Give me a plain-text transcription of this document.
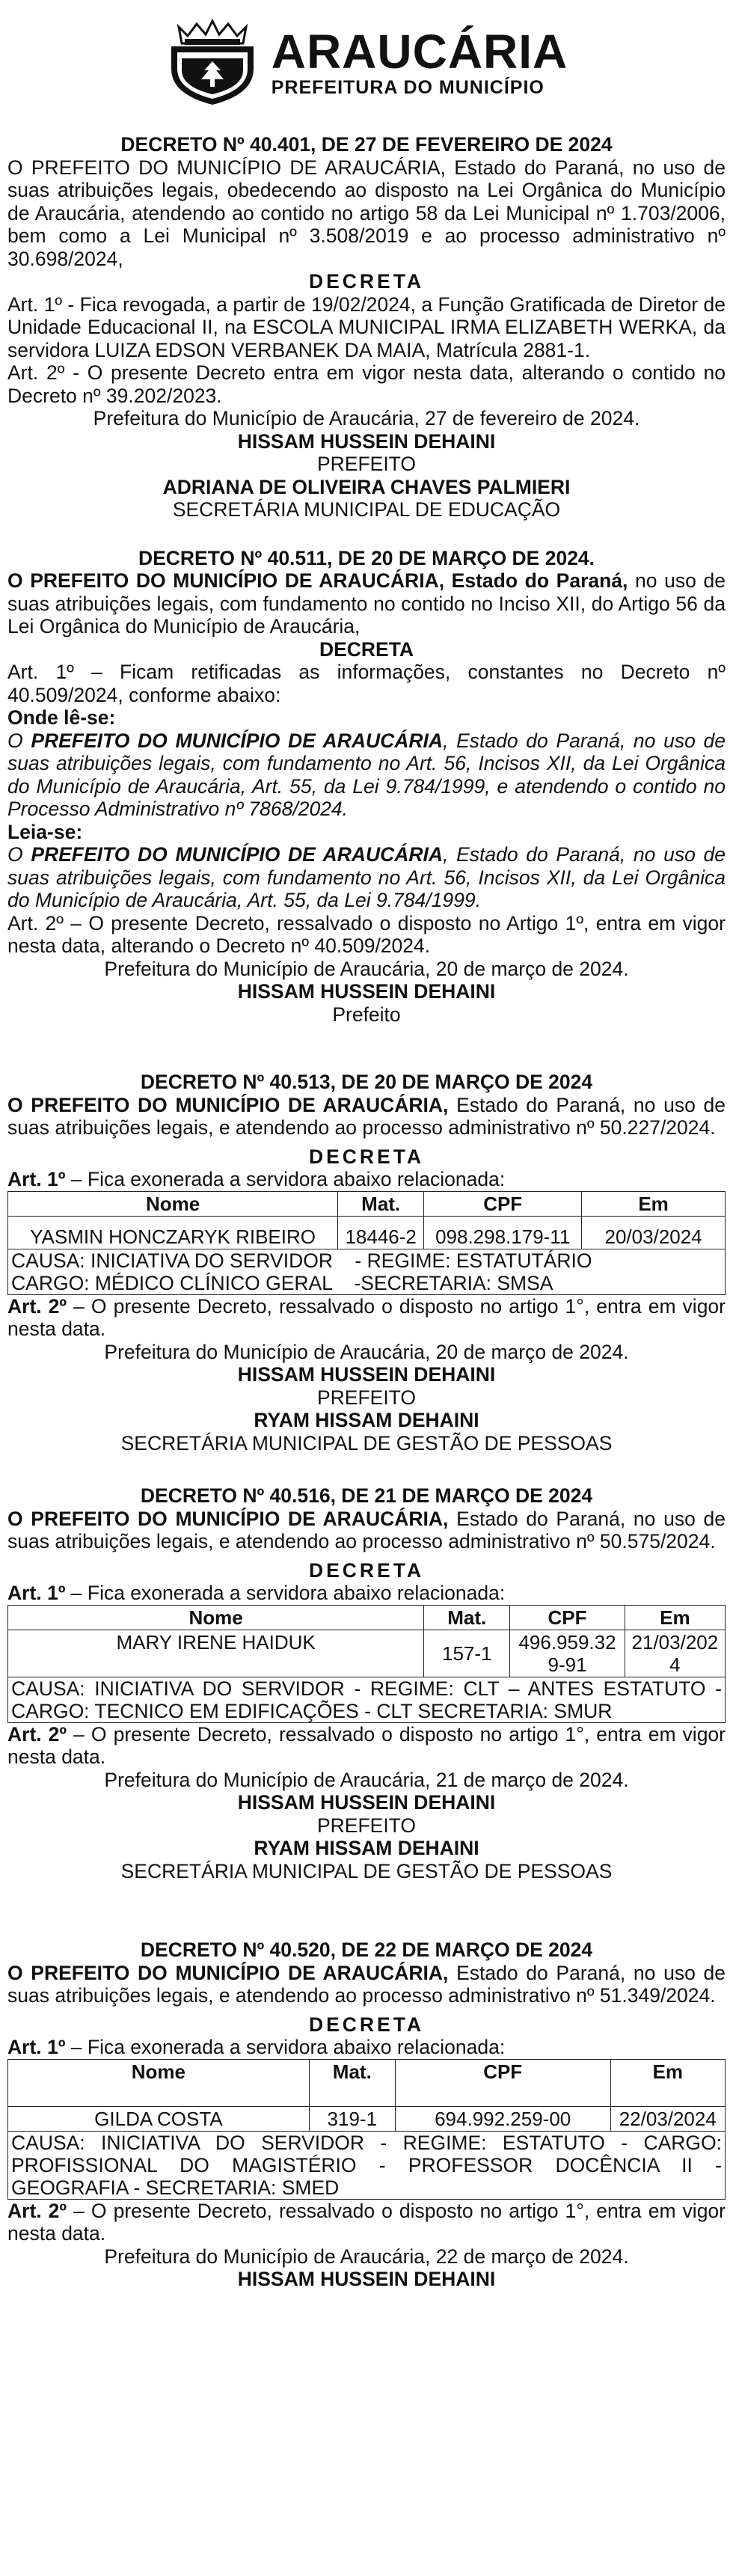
ARAUCÁRIA
PREFEITURA DO MUNICÍPIO

DECRETO Nº 40.401, DE 27 DE FEVEREIRO DE 2024

O PREFEITO DO MUNICÍPIO DE ARAUCÁRIA, Estado do Paraná, no uso de suas atribuições legais, obedecendo ao disposto na Lei Orgânica do Município de Araucária, atendendo ao contido no artigo 58 da Lei Municipal nº 1.703/2006, bem como a Lei Municipal nº 3.508/2019 e ao processo administrativo nº 30.698/2024,

DECRETA

Art. 1º - Fica revogada, a partir de 19/02/2024, a Função Gratificada de Diretor de Unidade Educacional II, na ESCOLA MUNICIPAL IRMA ELIZABETH WERKA, da servidora LUIZA EDSON VERBANEK DA MAIA, Matrícula 2881-1.

Art. 2º - O presente Decreto entra em vigor nesta data, alterando o contido no Decreto nº 39.202/2023.

Prefeitura do Município de Araucária, 27 de fevereiro de 2024.

HISSAM HUSSEIN DEHAINI

PREFEITO

ADRIANA DE OLIVEIRA CHAVES PALMIERI

SECRETÁRIA MUNICIPAL DE EDUCAÇÃO

DECRETO Nº 40.511, DE 20 DE MARÇO DE 2024.

O PREFEITO DO MUNICÍPIO DE ARAUCÁRIA, Estado do Paraná, no uso de suas atribuições legais, com fundamento no contido no Inciso XII, do Artigo 56 da Lei Orgânica do Município de Araucária,

DECRETA

Art. 1º – Ficam retificadas as informações, constantes no Decreto nº 40.509/2024, conforme abaixo:

Onde lê-se:

O PREFEITO DO MUNICÍPIO DE ARAUCÁRIA, Estado do Paraná, no uso de suas atribuições legais, com fundamento no Art. 56, Incisos XII, da Lei Orgânica do Município de Araucária, Art. 55, da Lei 9.784/1999, e atendendo o contido no Processo Administrativo nº 7868/2024.

Leia-se:

O PREFEITO DO MUNICÍPIO DE ARAUCÁRIA, Estado do Paraná, no uso de suas atribuições legais, com fundamento no Art. 56, Incisos XII, da Lei Orgânica do Município de Araucária, Art. 55, da Lei 9.784/1999.

Art. 2º – O presente Decreto, ressalvado o disposto no Artigo 1º, entra em vigor nesta data, alterando o Decreto nº 40.509/2024.

Prefeitura do Município de Araucária, 20 de março de 2024.

HISSAM HUSSEIN DEHAINI

Prefeito

DECRETO Nº 40.513, DE 20 DE MARÇO DE 2024

O PREFEITO DO MUNICÍPIO DE ARAUCÁRIA, Estado do Paraná, no uso de suas atribuições legais, e atendendo ao processo administrativo nº 50.227/2024.

DECRETA

Art. 1º – Fica exonerada a servidora abaixo relacionada:

Nome	Mat.	CPF	Em
YASMIN HONCZARYK RIBEIRO	18446-2	098.298.179-11	20/03/2024
CAUSA: INICIATIVA DO SERVIDOR    - REGIME: ESTATUTÁRIO
CARGO: MÉDICO CLÍNICO GERAL    -SECRETARIA: SMSA

Art. 2º – O presente Decreto, ressalvado o disposto no artigo 1°, entra em vigor nesta data.

Prefeitura do Município de Araucária, 20 de março de 2024.

HISSAM HUSSEIN DEHAINI

PREFEITO

RYAM HISSAM DEHAINI

SECRETÁRIA MUNICIPAL DE GESTÃO DE PESSOAS

DECRETO Nº 40.516, DE 21 DE MARÇO DE 2024

O PREFEITO DO MUNICÍPIO DE ARAUCÁRIA, Estado do Paraná, no uso de suas atribuições legais, e atendendo ao processo administrativo nº 50.575/2024.

DECRETA

Art. 1º – Fica exonerada a servidora abaixo relacionada:

Nome	Mat.	CPF	Em
MARY IRENE HAIDUK	157-1	496.959.329-91	21/03/2024
CAUSA: INICIATIVA DO SERVIDOR - REGIME: CLT – ANTES ESTATUTO - CARGO: TECNICO EM EDIFICAÇÕES - CLT SECRETARIA: SMUR

Art. 2º – O presente Decreto, ressalvado o disposto no artigo 1°, entra em vigor nesta data.

Prefeitura do Município de Araucária, 21 de março de 2024.

HISSAM HUSSEIN DEHAINI

PREFEITO

RYAM HISSAM DEHAINI

SECRETÁRIA MUNICIPAL DE GESTÃO DE PESSOAS

DECRETO Nº 40.520, DE 22 DE MARÇO DE 2024

O PREFEITO DO MUNICÍPIO DE ARAUCÁRIA, Estado do Paraná, no uso de suas atribuições legais, e atendendo ao processo administrativo nº 51.349/2024.

DECRETA

Art. 1º – Fica exonerada a servidora abaixo relacionada:

Nome	Mat.	CPF	Em
GILDA COSTA	319-1	694.992.259-00	22/03/2024
CAUSA: INICIATIVA DO SERVIDOR - REGIME: ESTATUTO - CARGO: PROFISSIONAL DO MAGISTÉRIO - PROFESSOR DOCÊNCIA II - GEOGRAFIA - SECRETARIA: SMED

Art. 2º – O presente Decreto, ressalvado o disposto no artigo 1°, entra em vigor nesta data.

Prefeitura do Município de Araucária, 22 de março de 2024.

HISSAM HUSSEIN DEHAINI
